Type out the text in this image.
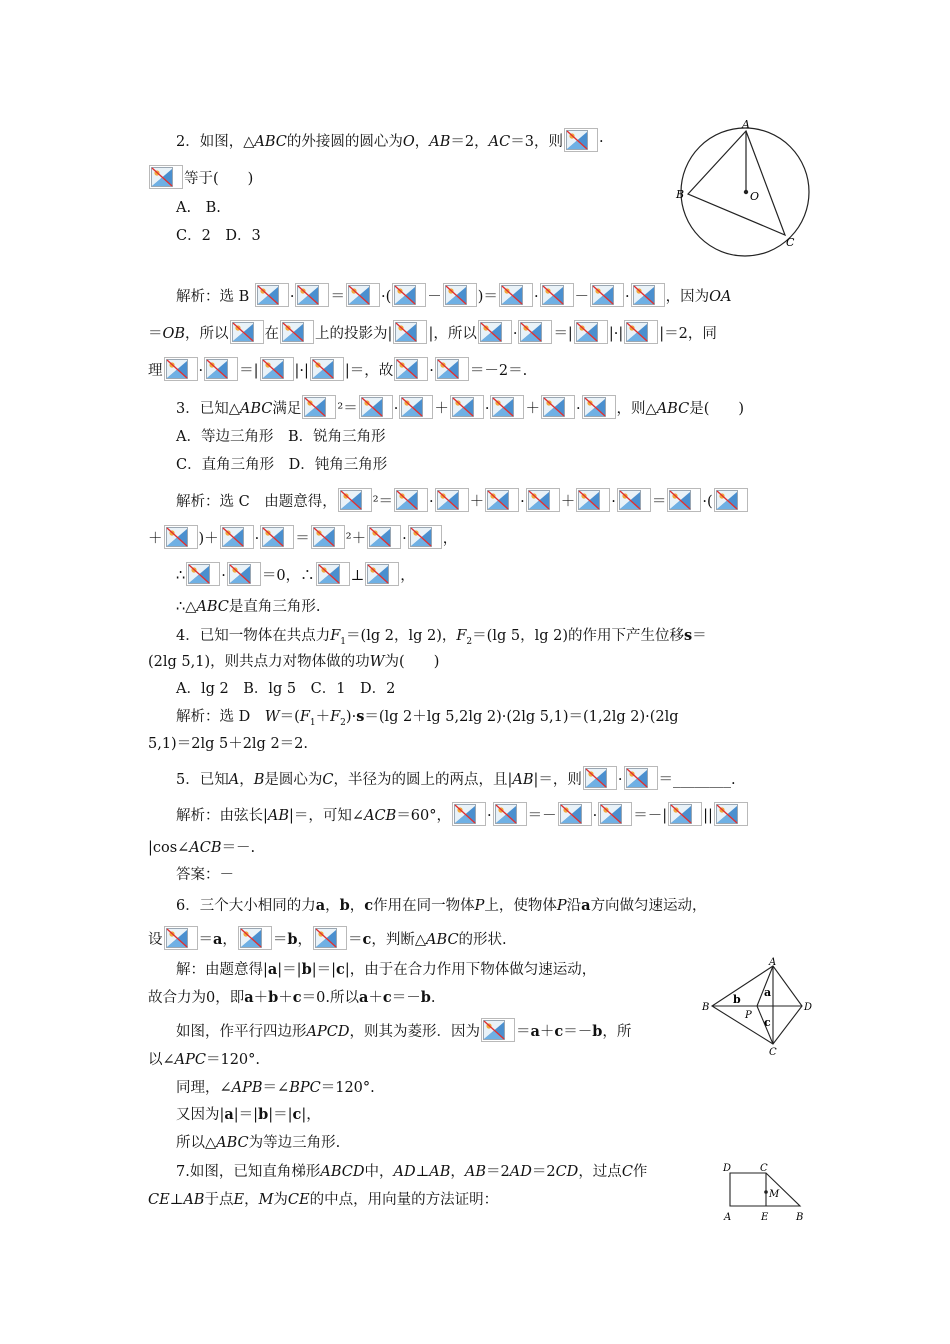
A
B
C
O
2．如图，△ABC的外接圆的圆心为O，AB＝2，AC＝3，则 ·
等于(　　)
A.　B.
C．2　D．3
解析：选 B	· ＝ ·( － )＝ · － · ，因为OA
＝OB，所以 在 上的投影为| |，所以 · ＝| |·| |＝2，同
理 · ＝| |·| |＝，故 · ＝－2＝.
3．已知△ABC满足 ²＝ · ＋ · ＋ · ，则△ABC是(　　)
A．等边三角形　B．锐角三角形
C．直角三角形　D．钝角三角形
解析：选 C　由题意得， ²＝ · ＋ · ＋ · ＝ ·(
＋ )＋ · ＝ ²＋ · ，
∴ · ＝0，∴ ⊥ ，
∴△ABC是直角三角形.
4．已知一物体在共点力$F_1=(\lg$ 2，lg 2)，$F_2=(\lg$ 5，lg 2)的作用下产生位移s＝
(2lg 5,1)，则共点力对物体做的功W为(　　)
A．lg 2　B．lg 5　C．1　D．2
解析：选 D　$W=(F_1+F_2)\cdot s=(\lg$ 2＋lg 5,2lg 2)·(2lg 5,1)＝(1,2lg 2)·(2lg
5,1)＝2lg 5＋2lg 2＝2.
5．已知A，B是圆心为C，半径为的圆上的两点，且|AB|＝，则 · ＝________.
解析：由弦长|AB|＝，可知∠ACB＝60°， · ＝－ · ＝－| ||
|cos∠ACB＝－.
答案：－
6．三个大小相同的力a，b，c作用在同一物体P上，使物体P沿a方向做匀速运动，
设 ＝a， ＝b， ＝c，判断△ABC的形状.
解：由题意得|a|＝|b|＝|c|，由于在合力作用下物体做匀速运动，
故合力为0，即a＋b＋c＝0.所以a＋c＝－b.
如图，作平行四边形APCD，则其为菱形．因为 ＝a＋c＝－b，所
以∠APC＝120°.
同理，∠APB＝∠BPC＝120°.
又因为|a|＝|b|＝|c|，
所以△ABC为等边三角形.
A
B
C
D
P
a
b
c
7.如图，已知直角梯形ABCD中，AD⊥AB，AB＝2AD＝2CD，过点C作
CE⊥AB于点E，M为CE的中点，用向量的方法证明：
D	C
M
A	E	B
